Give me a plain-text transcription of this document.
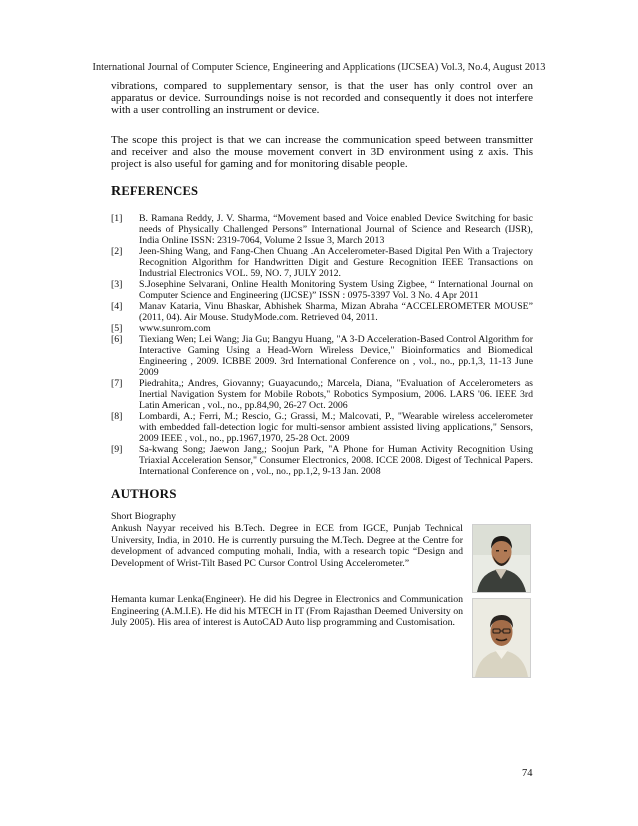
International Journal of Computer Science, Engineering and Applications (IJCSEA) Vol.3, No.4, August 2013

vibrations, compared to supplementary sensor, is that the user has only control over an apparatus or device. Surroundings noise is not recorded and consequently it does not interfere with a user controlling an instrument or device.

The scope this project is that we can increase the communication speed between transmitter and receiver and also the mouse movement convert in 3D environment using z axis. This project is also useful for gaming and for monitoring disable people.

REFERENCES
[1]	B. Ramana Reddy, J. V. Sharma, “Movement based and Voice enabled Device Switching for basic needs of Physically Challenged Persons” International Journal of Science and Research (IJSR), India Online ISSN: 2319‑7064, Volume 2 Issue 3, March 2013
[2]	Jeen-Shing Wang, and Fang-Chen Chuang .An Accelerometer-Based Digital Pen With a Trajectory Recognition Algorithm for Handwritten Digit and Gesture Recognition IEEE Transactions on Industrial Electronics VOL. 59, NO. 7, JULY 2012.
[3]	S.Josephine Selvarani, Online Health Monitoring System Using Zigbee, “ International Journal on Computer Science and Engineering (IJCSE)” ISSN : 0975-3397 Vol. 3 No. 4 Apr 2011
[4]	Manav Kataria, Vinu Bhaskar, Abhishek Sharma, Mizan Abraha “ACCELEROMETER MOUSE” (2011, 04). Air Mouse. StudyMode.com. Retrieved 04, 2011.
[5]	www.sunrom.com
[6]	Tiexiang Wen; Lei Wang; Jia Gu; Bangyu Huang, "A 3-D Acceleration-Based Control Algorithm for Interactive Gaming Using a Head-Worn Wireless Device," Bioinformatics and Biomedical Engineering , 2009. ICBBE 2009. 3rd International Conference on , vol., no., pp.1,3, 11-13 June 2009
[7]	Piedrahita,; Andres, Giovanny; Guayacundo,; Marcela, Diana, "Evaluation of Accelerometers as Inertial Navigation System for Mobile Robots," Robotics Symposium, 2006. LARS '06. IEEE 3rd Latin American , vol., no., pp.84,90, 26-27 Oct. 2006
[8]	Lombardi, A.; Ferri, M.; Rescio, G.; Grassi, M.; Malcovati, P., "Wearable wireless accelerometer with embedded fall-detection logic for multi-sensor ambient assisted living applications," Sensors, 2009 IEEE , vol., no., pp.1967,1970, 25-28 Oct. 2009
[9]	Sa-kwang Song; Jaewon Jang,; Soojun Park, "A Phone for Human Activity Recognition Using Triaxial Acceleration Sensor," Consumer Electronics, 2008. ICCE 2008. Digest of Technical Papers. International Conference on , vol., no., pp.1,2, 9-13 Jan. 2008
AUTHORS
Short Biography

Ankush Nayyar received his B.Tech. Degree in ECE from IGCE, Punjab Technical University, India, in 2010. He is currently pursuing the M.Tech. Degree at the Centre for development of advanced computing mohali, India, with a research topic “Design and Development of Wrist-Tilt Based PC Cursor Control Using Accelerometer.”

Hemanta kumar Lenka(Engineer). He did his Degree in Electronics and Communication Engineering (A.M.I.E). He did his MTECH in IT (From Rajasthan Deemed University on July 2005). His area of interest is AutoCAD Auto lisp programming and Customisation.

74
